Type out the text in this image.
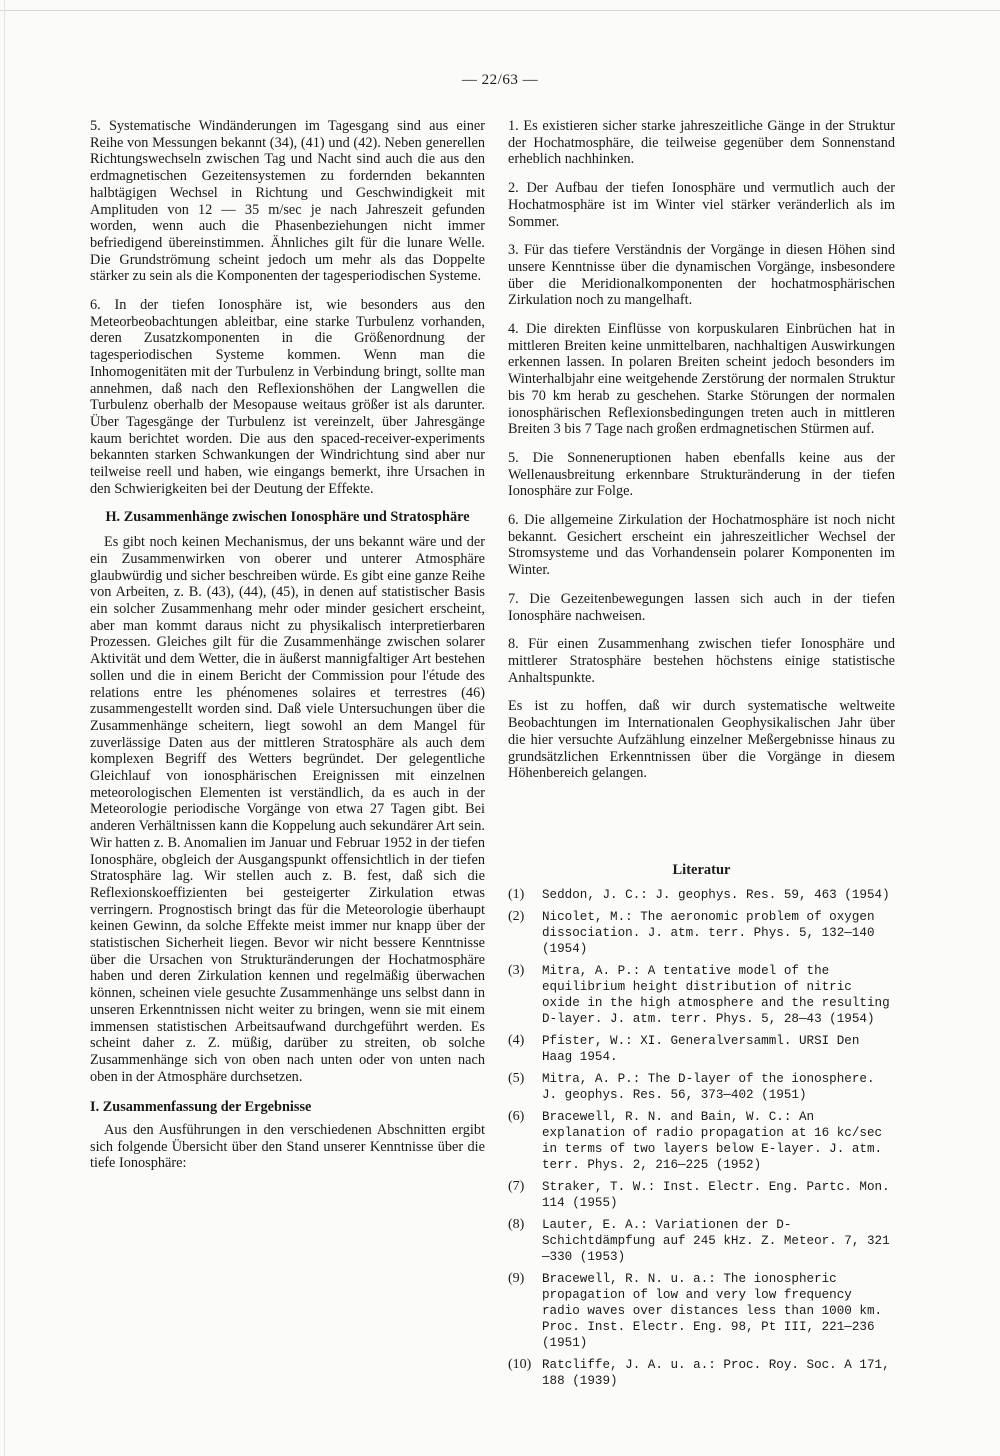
— 22/63 —

5. Systematische Windänderungen im Tagesgang sind aus einer Reihe von Messungen bekannt (34), (41) und (42). Neben generellen Richtungswechseln zwischen Tag und Nacht sind auch die aus den erdmagnetischen Gezeitensystemen zu fordernden bekannten halbtägigen Wechsel in Richtung und Geschwindigkeit mit Amplituden von 12 — 35 m/sec je nach Jahreszeit gefunden worden, wenn auch die Phasenbeziehungen nicht immer befriedigend übereinstimmen. Ähnliches gilt für die lunare Welle. Die Grundströmung scheint jedoch um mehr als das Doppelte stärker zu sein als die Komponenten der tagesperiodischen Systeme.

6. In der tiefen Ionosphäre ist, wie besonders aus den Meteorbeobachtungen ableitbar, eine starke Turbulenz vorhanden, deren Zusatzkomponenten in die Größenordnung der tagesperiodischen Systeme kommen. Wenn man die Inhomogenitäten mit der Turbulenz in Verbindung bringt, sollte man annehmen, daß nach den Reflexionshöhen der Langwellen die Turbulenz oberhalb der Mesopause weitaus größer ist als darunter. Über Tagesgänge der Turbulenz ist vereinzelt, über Jahresgänge kaum berichtet worden. Die aus den spaced-receiver-experiments bekannten starken Schwankungen der Windrichtung sind aber nur teilweise reell und haben, wie eingangs bemerkt, ihre Ursachen in den Schwierigkeiten bei der Deutung der Effekte.

H. Zusammenhänge zwischen Ionosphäre und Stratosphäre

Es gibt noch keinen Mechanismus, der uns bekannt wäre und der ein Zusammenwirken von oberer und unterer Atmosphäre glaubwürdig und sicher beschreiben würde. Es gibt eine ganze Reihe von Arbeiten, z. B. (43), (44), (45), in denen auf statistischer Basis ein solcher Zusammenhang mehr oder minder gesichert erscheint, aber man kommt daraus nicht zu physikalisch interpretierbaren Prozessen. Gleiches gilt für die Zusammenhänge zwischen solarer Aktivität und dem Wetter, die in äußerst mannigfaltiger Art bestehen sollen und die in einem Bericht der Commission pour l'étude des relations entre les phénomenes solaires et terrestres (46) zusammengestellt worden sind. Daß viele Untersuchungen über die Zusammenhänge scheitern, liegt sowohl an dem Mangel für zuverlässige Daten aus der mittleren Stratosphäre als auch dem komplexen Begriff des Wetters begründet. Der gelegentliche Gleichlauf von ionosphärischen Ereignissen mit einzelnen meteorologischen Elementen ist verständlich, da es auch in der Meteorologie periodische Vorgänge von etwa 27 Tagen gibt. Bei anderen Verhältnissen kann die Koppelung auch sekundärer Art sein. Wir hatten z. B. Anomalien im Januar und Februar 1952 in der tiefen Ionosphäre, obgleich der Ausgangspunkt offensichtlich in der tiefen Stratosphäre lag. Wir stellen auch z. B. fest, daß sich die Reflexionskoeffizienten bei gesteigerter Zirkulation etwas verringern. Prognostisch bringt das für die Meteorologie überhaupt keinen Gewinn, da solche Effekte meist immer nur knapp über der statistischen Sicherheit liegen. Bevor wir nicht bessere Kenntnisse über die Ursachen von Strukturänderungen der Hochatmosphäre haben und deren Zirkulation kennen und regelmäßig überwachen können, scheinen viele gesuchte Zusammenhänge uns selbst dann in unseren Erkenntnissen nicht weiter zu bringen, wenn sie mit einem immensen statistischen Arbeitsaufwand durchgeführt werden. Es scheint daher z. Z. müßig, darüber zu streiten, ob solche Zusammenhänge sich von oben nach unten oder von unten nach oben in der Atmosphäre durchsetzen.

I. Zusammenfassung der Ergebnisse

Aus den Ausführungen in den verschiedenen Abschnitten ergibt sich folgende Übersicht über den Stand unserer Kenntnisse über die tiefe Ionosphäre:

1. Es existieren sicher starke jahreszeitliche Gänge in der Struktur der Hochatmosphäre, die teilweise gegenüber dem Sonnenstand erheblich nachhinken.

2. Der Aufbau der tiefen Ionosphäre und vermutlich auch der Hochatmosphäre ist im Winter viel stärker veränderlich als im Sommer.

3. Für das tiefere Verständnis der Vorgänge in diesen Höhen sind unsere Kenntnisse über die dynamischen Vorgänge, insbesondere über die Meridionalkomponenten der hochatmosphärischen Zirkulation noch zu mangelhaft.

4. Die direkten Einflüsse von korpuskularen Einbrüchen hat in mittleren Breiten keine unmittelbaren, nachhaltigen Auswirkungen erkennen lassen. In polaren Breiten scheint jedoch besonders im Winterhalbjahr eine weitgehende Zerstörung der normalen Struktur bis 70 km herab zu geschehen. Starke Störungen der normalen ionosphärischen Reflexionsbedingungen treten auch in mittleren Breiten 3 bis 7 Tage nach großen erdmagnetischen Stürmen auf.

5. Die Sonneneruptionen haben ebenfalls keine aus der Wellenausbreitung erkennbare Strukturänderung in der tiefen Ionosphäre zur Folge.

6. Die allgemeine Zirkulation der Hochatmosphäre ist noch nicht bekannt. Gesichert erscheint ein jahreszeitlicher Wechsel der Stromsysteme und das Vorhandensein polarer Komponenten im Winter.

7. Die Gezeitenbewegungen lassen sich auch in der tiefen Ionosphäre nachweisen.

8. Für einen Zusammenhang zwischen tiefer Ionosphäre und mittlerer Stratosphäre bestehen höchstens einige statistische Anhaltspunkte.

Es ist zu hoffen, daß wir durch systematische weltweite Beobachtungen im Internationalen Geophysikalischen Jahr über die hier versuchte Aufzählung einzelner Meßergebnisse hinaus zu grundsätzlichen Erkenntnissen über die Vorgänge in diesem Höhenbereich gelangen.

Literatur
(1)	Seddon, J. C.: J. geophys. Res. 59, 463 (1954)
(2)	Nicolet, M.: The aeronomic problem of oxygen dissociation. J. atm. terr. Phys. 5, 132—140 (1954)
(3)	Mitra, A. P.: A tentative model of the equilibrium height distribution of nitric oxide in the high atmosphere and the resulting D-layer. J. atm. terr. Phys. 5, 28—43 (1954)
(4)	Pfister, W.: XI. Generalversamml. URSI Den Haag 1954.
(5)	Mitra, A. P.: The D-layer of the ionosphere. J. geophys. Res. 56, 373—402 (1951)
(6)	Bracewell, R. N. and Bain, W. C.: An explanation of radio propagation at 16 kc/sec in terms of two layers below E-layer. J. atm. terr. Phys. 2, 216—225 (1952)
(7)	Straker, T. W.: Inst. Electr. Eng. Partc. Mon. 114 (1955)
(8)	Lauter, E. A.: Variationen der D-Schichtdämpfung auf 245 kHz. Z. Meteor. 7, 321—330 (1953)
(9)	Bracewell, R. N. u. a.: The ionospheric propagation of low and very low frequency radio waves over distances less than 1000 km. Proc. Inst. Electr. Eng. 98, Pt III, 221—236 (1951)
(10) Ratcliffe, J. A. u. a.: Proc. Roy. Soc. A 171, 188 (1939)
